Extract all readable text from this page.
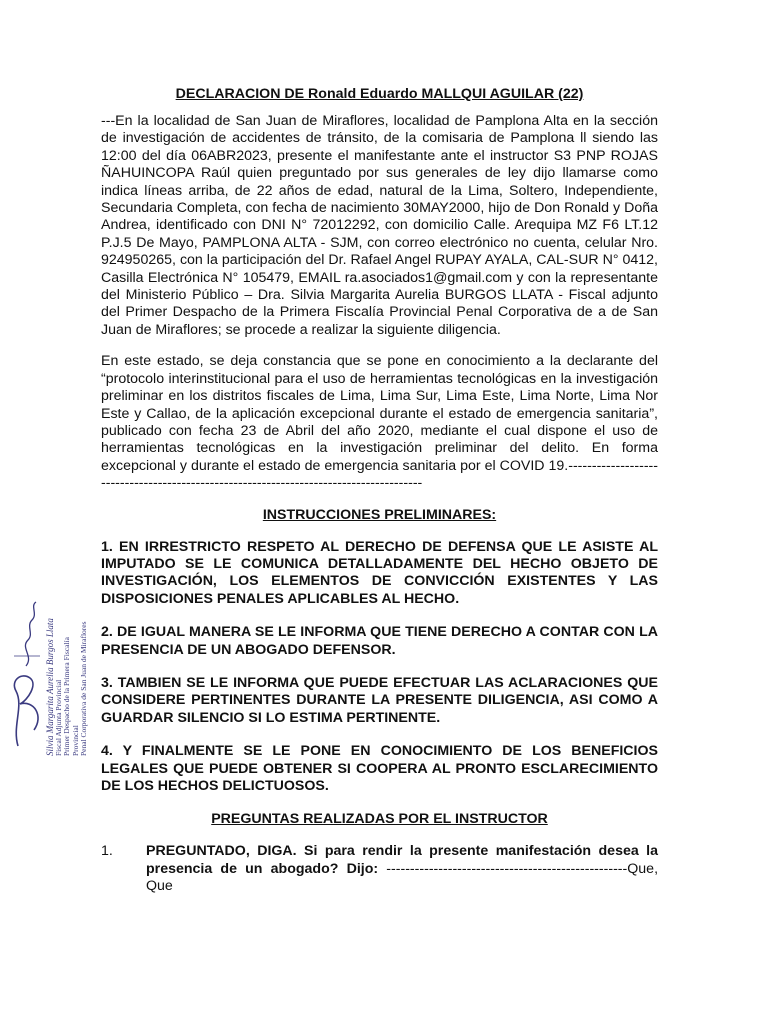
DECLARACION DE Ronald Eduardo MALLQUI AGUILAR (22)

---En la localidad de San Juan de Miraflores, localidad de Pamplona Alta en la sección de investigación de accidentes de tránsito, de la comisaria de Pamplona ll siendo las 12:00 del día 06ABR2023, presente el manifestante ante el instructor S3 PNP ROJAS ÑAHUINCOPA Raúl quien preguntado por sus generales de ley dijo llamarse como indica líneas arriba, de 22 años de edad, natural de la Lima, Soltero, Independiente, Secundaria Completa, con fecha de nacimiento 30MAY2000, hijo de Don Ronald y Doña Andrea, identificado con DNI N° 72012292, con domicilio Calle. Arequipa MZ F6 LT.12 P.J.5 De Mayo, PAMPLONA ALTA - SJM, con correo electrónico no cuenta, celular Nro. 924950265, con la participación del Dr. Rafael Angel RUPAY AYALA, CAL-SUR N° 0412, Casilla Electrónica N° 105479, EMAIL ra.asociados1@gmail.com y con la representante del Ministerio Público – Dra. Silvia Margarita Aurelia BURGOS LLATA - Fiscal adjunto del Primer Despacho de la Primera Fiscalía Provincial Penal Corporativa de a de San Juan de Miraflores; se procede a realizar la siguiente diligencia.

En este estado, se deja constancia que se pone en conocimiento a la declarante del “protocolo interinstitucional para el uso de herramientas tecnológicas en la investigación preliminar en los distritos fiscales de Lima, Lima Sur, Lima Este, Lima Norte, Lima Nor Este y Callao, de la aplicación excepcional durante el estado de emergencia sanitaria”, publicado con fecha 23 de Abril del año 2020, mediante el cual dispone el uso de herramientas tecnológicas en la investigación preliminar del delito. En forma excepcional y durante el estado de emergencia sanitaria por el COVID 19.---------------------------------------------------------------------------------------

INSTRUCCIONES PRELIMINARES:

1. EN IRRESTRICTO RESPETO AL DERECHO DE DEFENSA QUE LE ASISTE AL IMPUTADO SE LE COMUNICA DETALLADAMENTE DEL HECHO OBJETO DE INVESTIGACIÓN, LOS ELEMENTOS DE CONVICCIÓN EXISTENTES Y LAS DISPOSICIONES PENALES APLICABLES AL HECHO.

2. DE IGUAL MANERA SE LE INFORMA QUE TIENE DERECHO A CONTAR CON LA PRESENCIA DE UN ABOGADO DEFENSOR.

3. TAMBIEN SE LE INFORMA QUE PUEDE EFECTUAR LAS ACLARACIONES QUE CONSIDERE PERTINENTES DURANTE LA PRESENTE DILIGENCIA, ASI COMO A GUARDAR SILENCIO SI LO ESTIMA PERTINENTE.

4. Y FINALMENTE SE LE PONE EN CONOCIMIENTO DE LOS BENEFICIOS LEGALES QUE PUEDE OBTENER SI COOPERA AL PRONTO ESCLARECIMIENTO DE LOS HECHOS DELICTUOSOS.

PREGUNTAS REALIZADAS POR EL INSTRUCTOR
1.	PREGUNTADO, DIGA. Si para rendir la presente manifestación desea la presencia de un abogado? Dijo: ---------------------------------------------------Que, Que
Silvia Margarita Aurelia Burgos Llata
Fiscal Adjunta Provincial Primer Despacho de la Primera Fiscalía Provincial Penal Corporativa de San Juan de Miraflores
